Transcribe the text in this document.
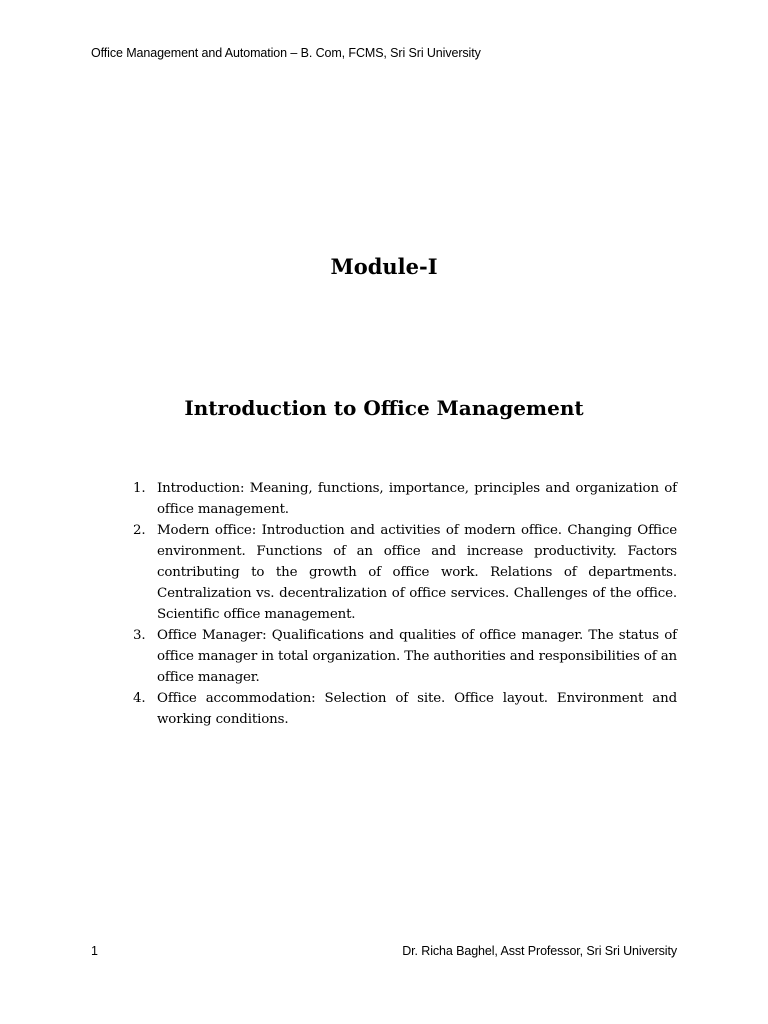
Office Management and Automation – B. Com, FCMS, Sri Sri University
Module-I
Introduction to Office Management
1. Introduction: Meaning, functions, importance, principles and organization of office management.
2. Modern office: Introduction and activities of modern office. Changing Office environment. Functions of an office and increase productivity. Factors contributing to the growth of office work. Relations of departments. Centralization vs. decentralization of office services. Challenges of the office. Scientific office management.
3. Office Manager: Qualifications and qualities of office manager. The status of office manager in total organization. The authorities and responsibilities of an office manager.
4. Office accommodation: Selection of site. Office layout. Environment and working conditions.
1	Dr. Richa Baghel, Asst Professor, Sri Sri University
